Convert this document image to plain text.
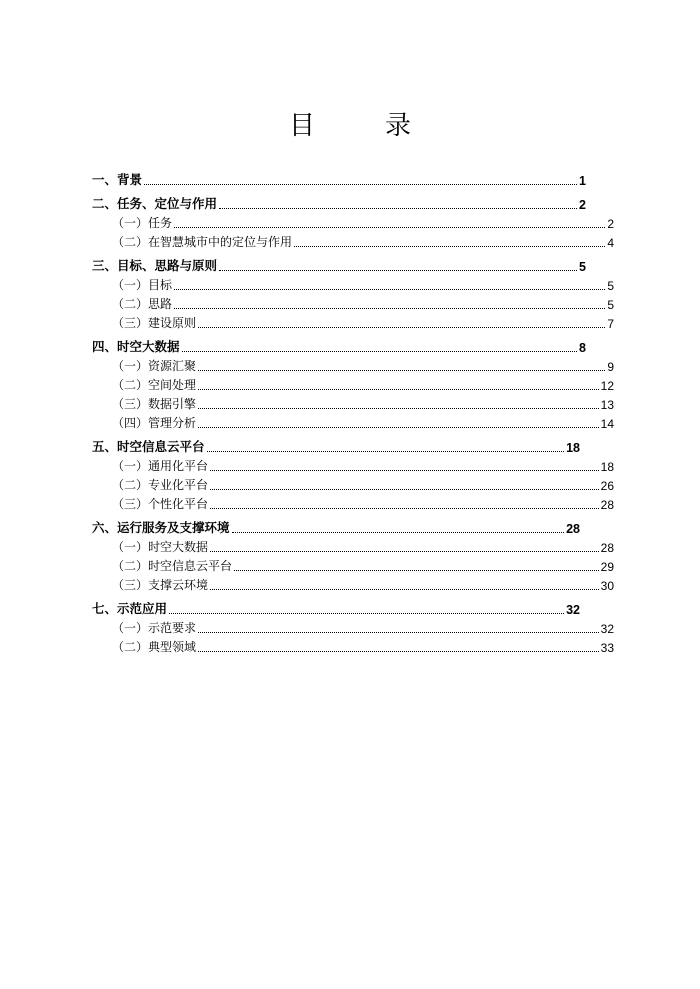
目　录
一、背景	1
二、任务、定位与作用	2
（一）任务	2
（二）在智慧城市中的定位与作用	4
三、目标、思路与原则	5
（一）目标	5
（二）思路	5
（三）建设原则	7
四、时空大数据	8
（一）资源汇聚	9
（二）空间处理	12
（三）数据引擎	13
（四）管理分析	14
五、时空信息云平台	18
（一）通用化平台	18
（二）专业化平台	26
（三）个性化平台	28
六、运行服务及支撑环境	28
（一）时空大数据	28
（二）时空信息云平台	29
（三）支撑云环境	30
七、示范应用	32
（一）示范要求	32
（二）典型领域	33
